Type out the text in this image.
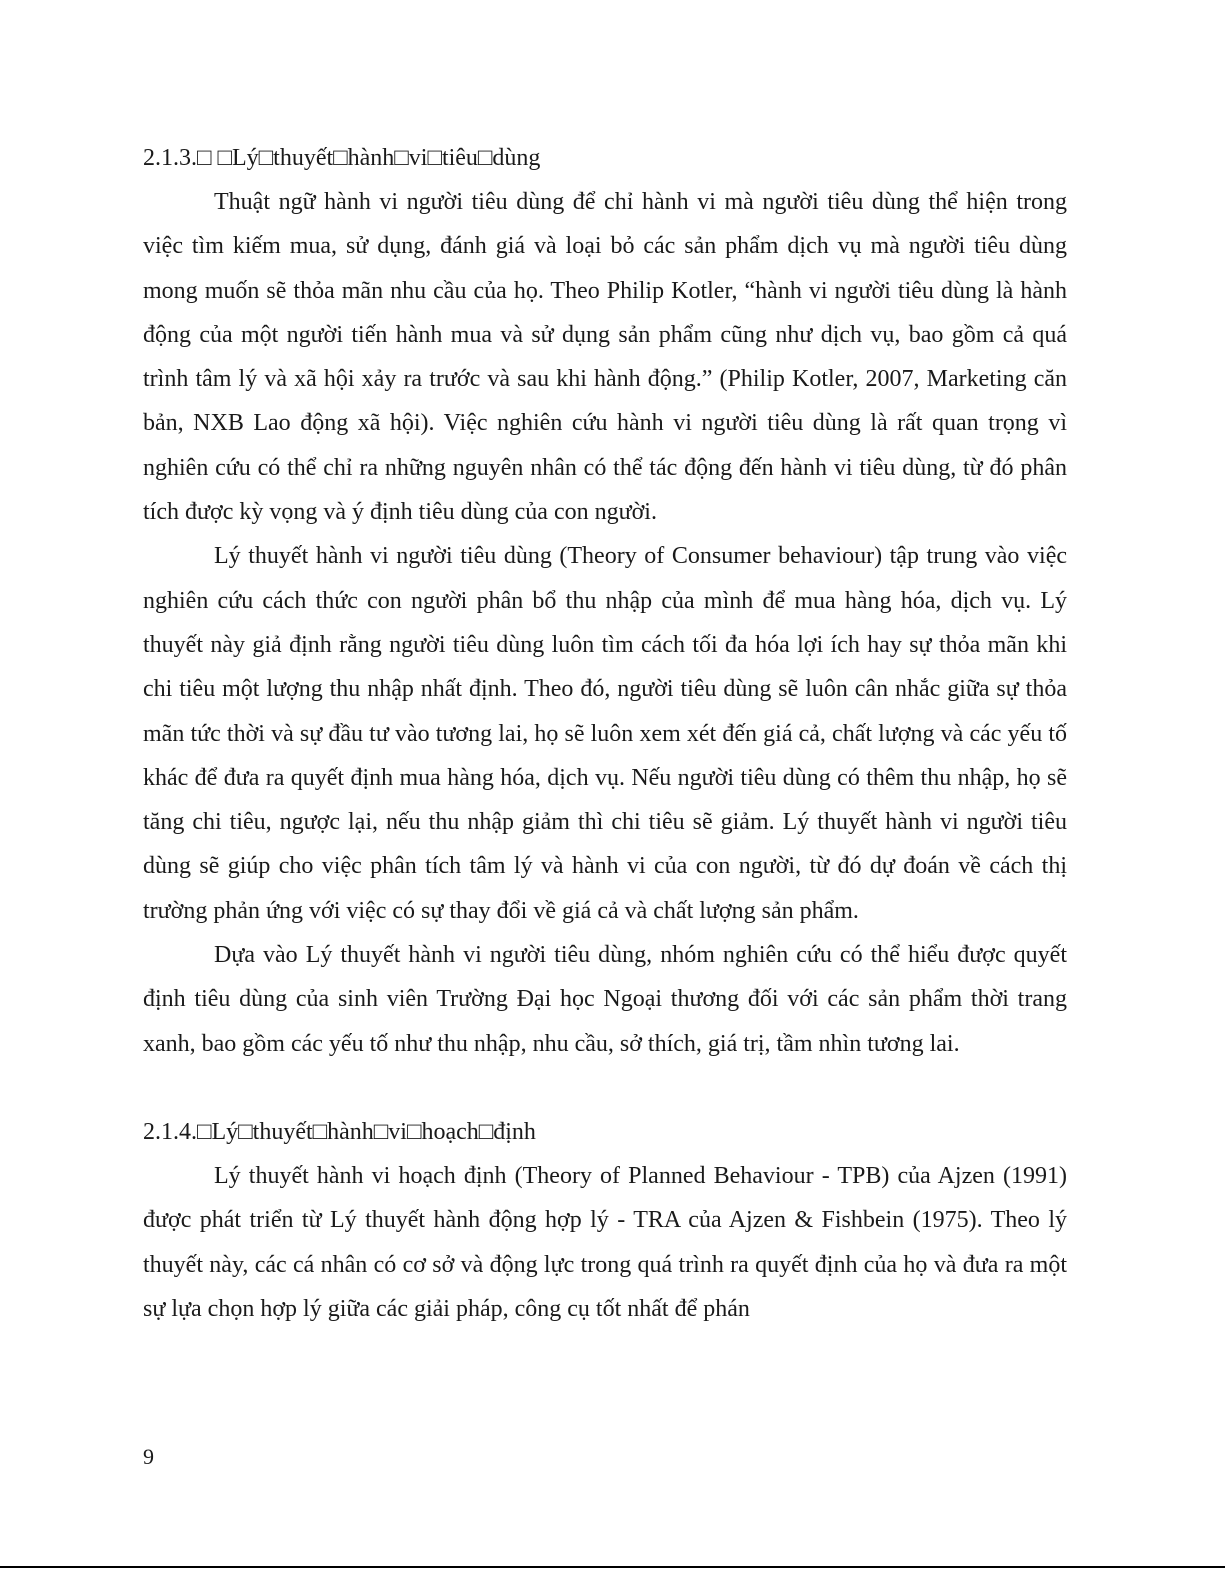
2.1.3.□ □Lý□thuyết□hành□vi□tiêu□dùng

Thuật ngữ hành vi người tiêu dùng để chỉ hành vi mà người tiêu dùng thể hiện trong việc tìm kiếm mua, sử dụng, đánh giá và loại bỏ các sản phẩm dịch vụ mà người tiêu dùng mong muốn sẽ thỏa mãn nhu cầu của họ. Theo Philip Kotler, “hành vi người tiêu dùng là hành động của một người tiến hành mua và sử dụng sản phẩm cũng như dịch vụ, bao gồm cả quá trình tâm lý và xã hội xảy ra trước và sau khi hành động.” (Philip Kotler, 2007, Marketing căn bản, NXB Lao động xã hội). Việc nghiên cứu hành vi người tiêu dùng là rất quan trọng vì nghiên cứu có thể chỉ ra những nguyên nhân có thể tác động đến hành vi tiêu dùng, từ đó phân tích được kỳ vọng và ý định tiêu dùng của con người.

Lý thuyết hành vi người tiêu dùng (Theory of Consumer behaviour) tập trung vào việc nghiên cứu cách thức con người phân bổ thu nhập của mình để mua hàng hóa, dịch vụ. Lý thuyết này giả định rằng người tiêu dùng luôn tìm cách tối đa hóa lợi ích hay sự thỏa mãn khi chi tiêu một lượng thu nhập nhất định. Theo đó, người tiêu dùng sẽ luôn cân nhắc giữa sự thỏa mãn tức thời và sự đầu tư vào tương lai, họ sẽ luôn xem xét đến giá cả, chất lượng và các yếu tố khác để đưa ra quyết định mua hàng hóa, dịch vụ. Nếu người tiêu dùng có thêm thu nhập, họ sẽ tăng chi tiêu, ngược lại, nếu thu nhập giảm thì chi tiêu sẽ giảm. Lý thuyết hành vi người tiêu dùng sẽ giúp cho việc phân tích tâm lý và hành vi của con người, từ đó dự đoán về cách thị trường phản ứng với việc có sự thay đổi về giá cả và chất lượng sản phẩm.

Dựa vào Lý thuyết hành vi người tiêu dùng, nhóm nghiên cứu có thể hiểu được quyết định tiêu dùng của sinh viên Trường Đại học Ngoại thương đối với các sản phẩm thời trang xanh, bao gồm các yếu tố như thu nhập, nhu cầu, sở thích, giá trị, tầm nhìn tương lai.

2.1.4.□Lý□thuyết□hành□vi□hoạch□định

Lý thuyết hành vi hoạch định (Theory of Planned Behaviour - TPB) của Ajzen (1991) được phát triển từ Lý thuyết hành động hợp lý - TRA của Ajzen & Fishbein (1975). Theo lý thuyết này, các cá nhân có cơ sở và động lực trong quá trình ra quyết định của họ và đưa ra một sự lựa chọn hợp lý giữa các giải pháp, công cụ tốt nhất để phán

9
